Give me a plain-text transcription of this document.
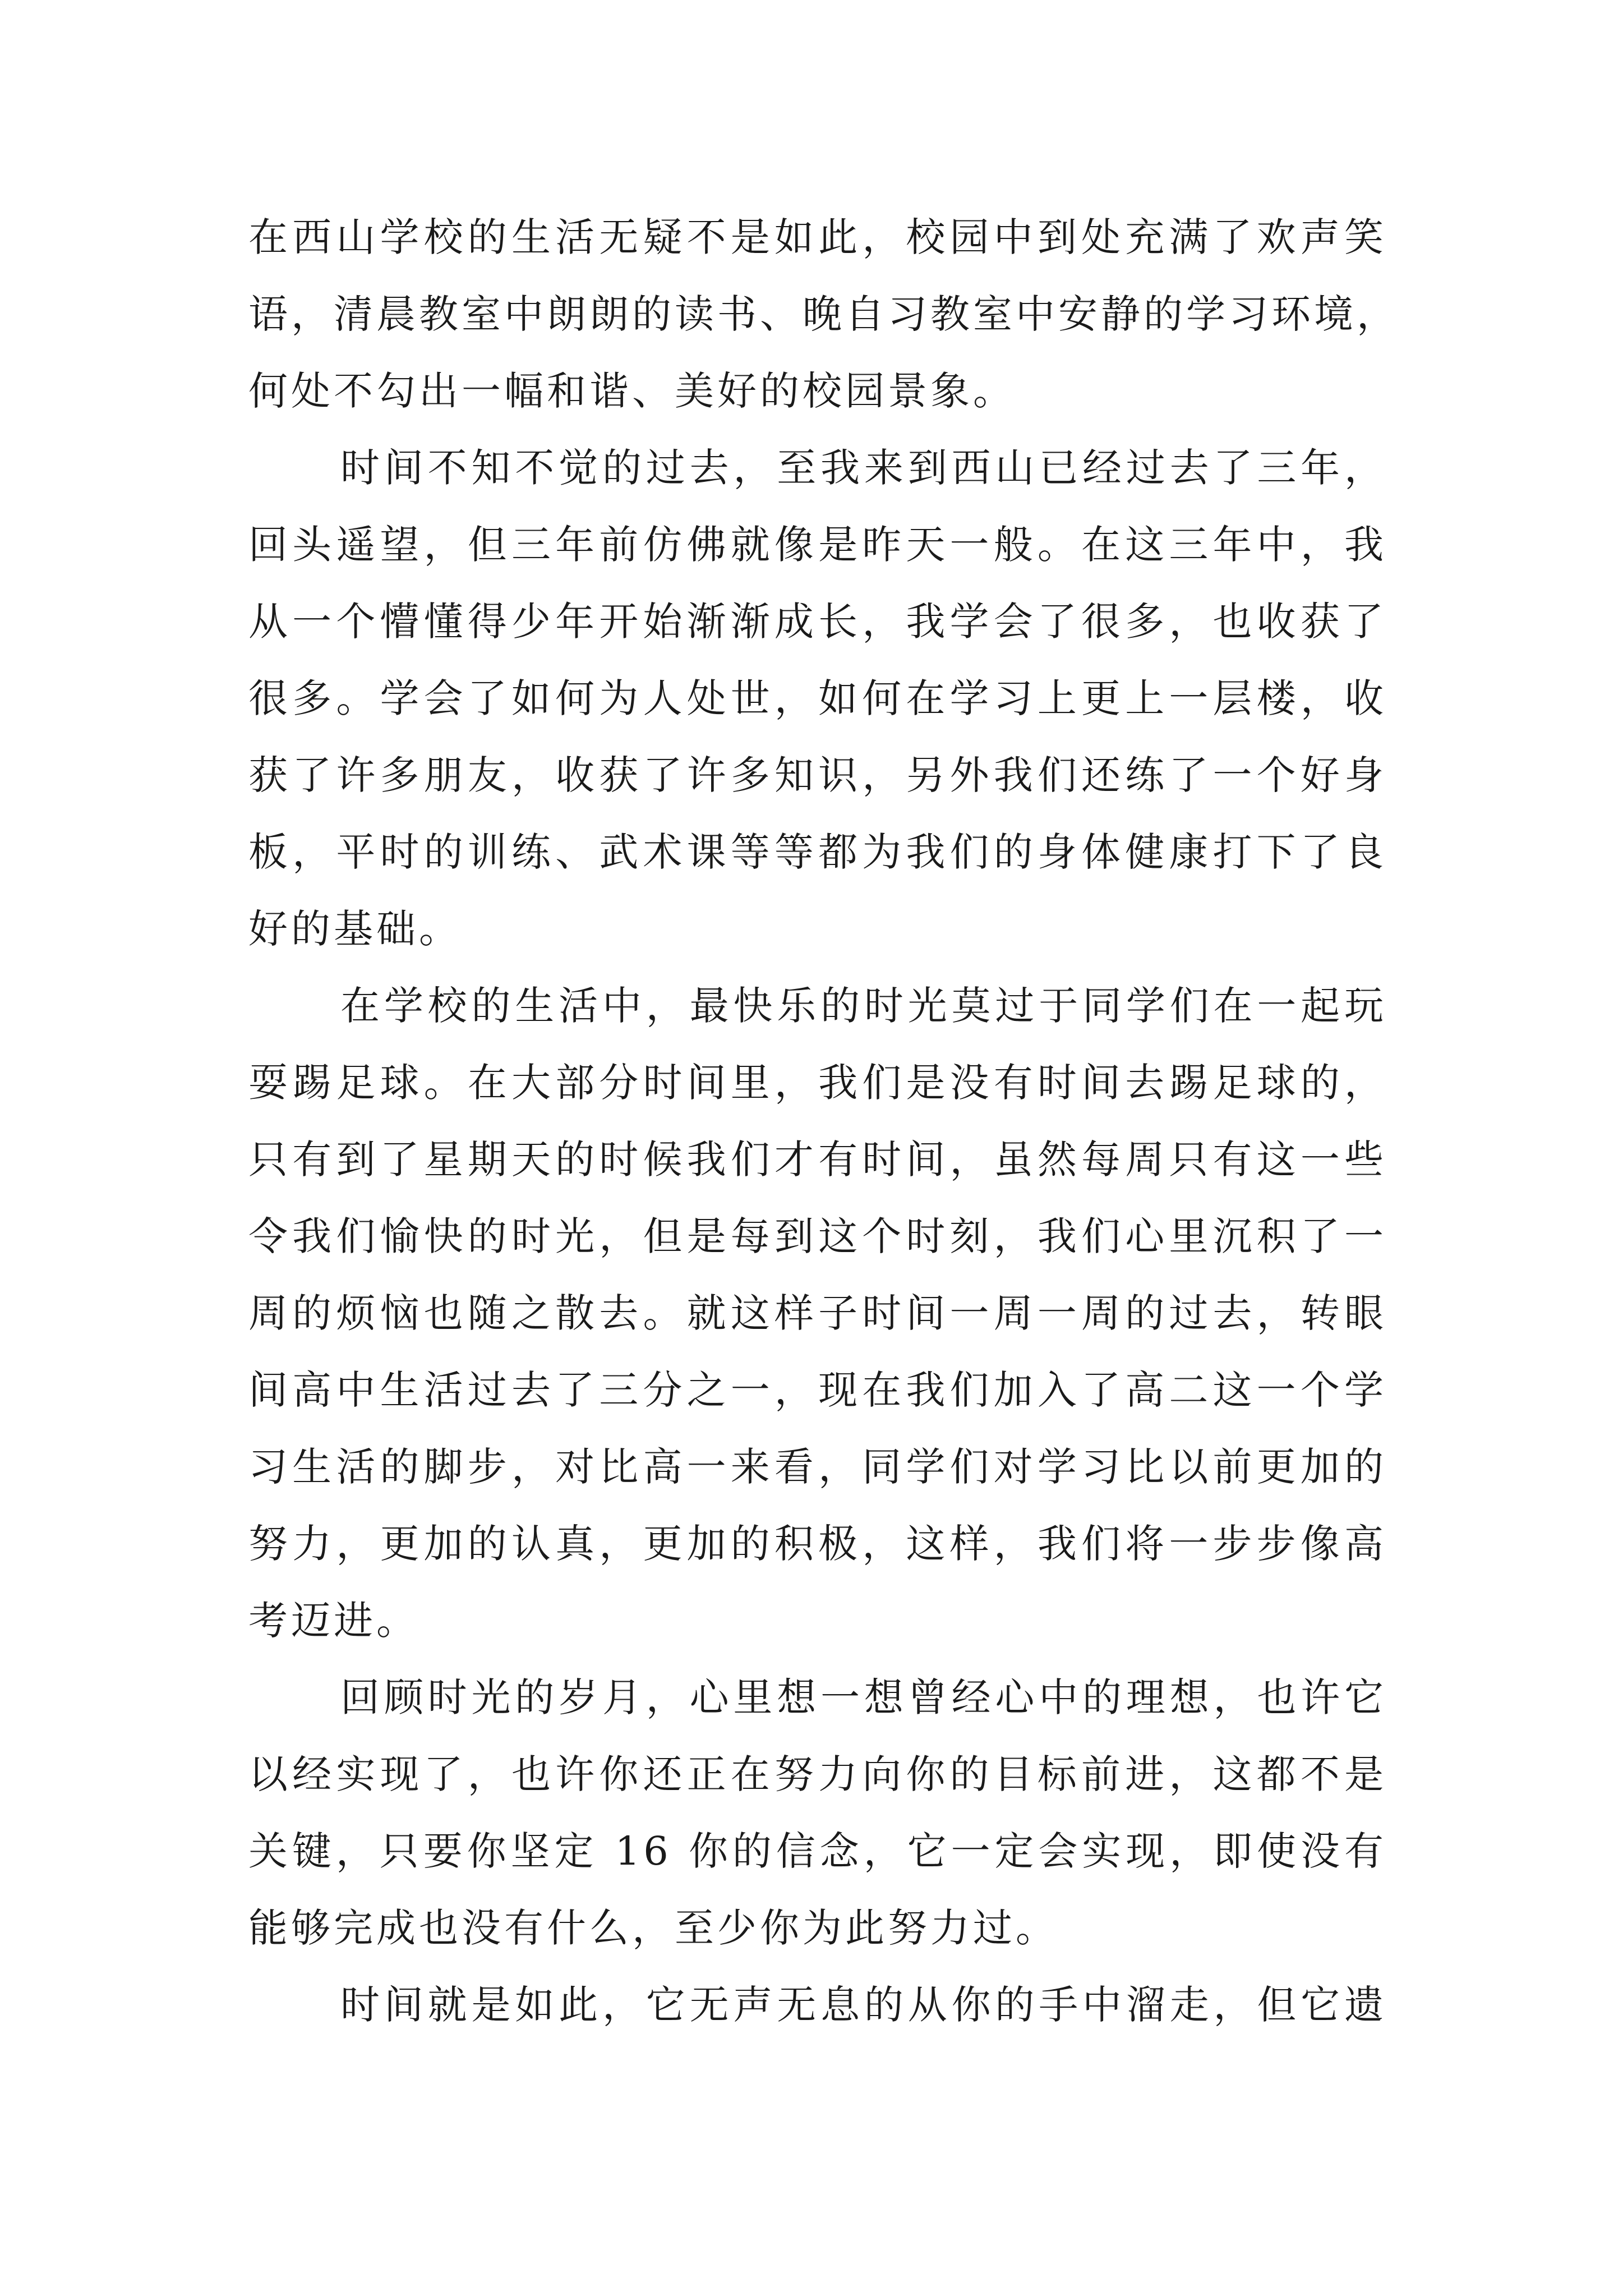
在西山学校的生活无疑不是如此，校园中到处充满了欢声笑
语，清晨教室中朗朗的读书、晚自习教室中安静的学习环境，
何处不勾出一幅和谐、美好的校园景象。
时间不知不觉的过去，至我来到西山已经过去了三年，
回头遥望，但三年前仿佛就像是昨天一般。在这三年中，我
从一个懵懂得少年开始渐渐成长，我学会了很多，也收获了
很多。学会了如何为人处世，如何在学习上更上一层楼，收
获了许多朋友，收获了许多知识，另外我们还练了一个好身
板，平时的训练、武术课等等都为我们的身体健康打下了良
好的基础。
在学校的生活中，最快乐的时光莫过于同学们在一起玩
耍踢足球。在大部分时间里，我们是没有时间去踢足球的，
只有到了星期天的时候我们才有时间，虽然每周只有这一些
令我们愉快的时光，但是每到这个时刻，我们心里沉积了一
周的烦恼也随之散去。就这样子时间一周一周的过去，转眼
间高中生活过去了三分之一，现在我们加入了高二这一个学
习生活的脚步，对比高一来看，同学们对学习比以前更加的
努力，更加的认真，更加的积极，这样，我们将一步步像高
考迈进。
回顾时光的岁月，心里想一想曾经心中的理想，也许它
以经实现了，也许你还正在努力向你的目标前进，这都不是
关键，只要你坚定 16 你的信念，它一定会实现，即使没有
能够完成也没有什么，至少你为此努力过。
时间就是如此，它无声无息的从你的手中溜走，但它遗
